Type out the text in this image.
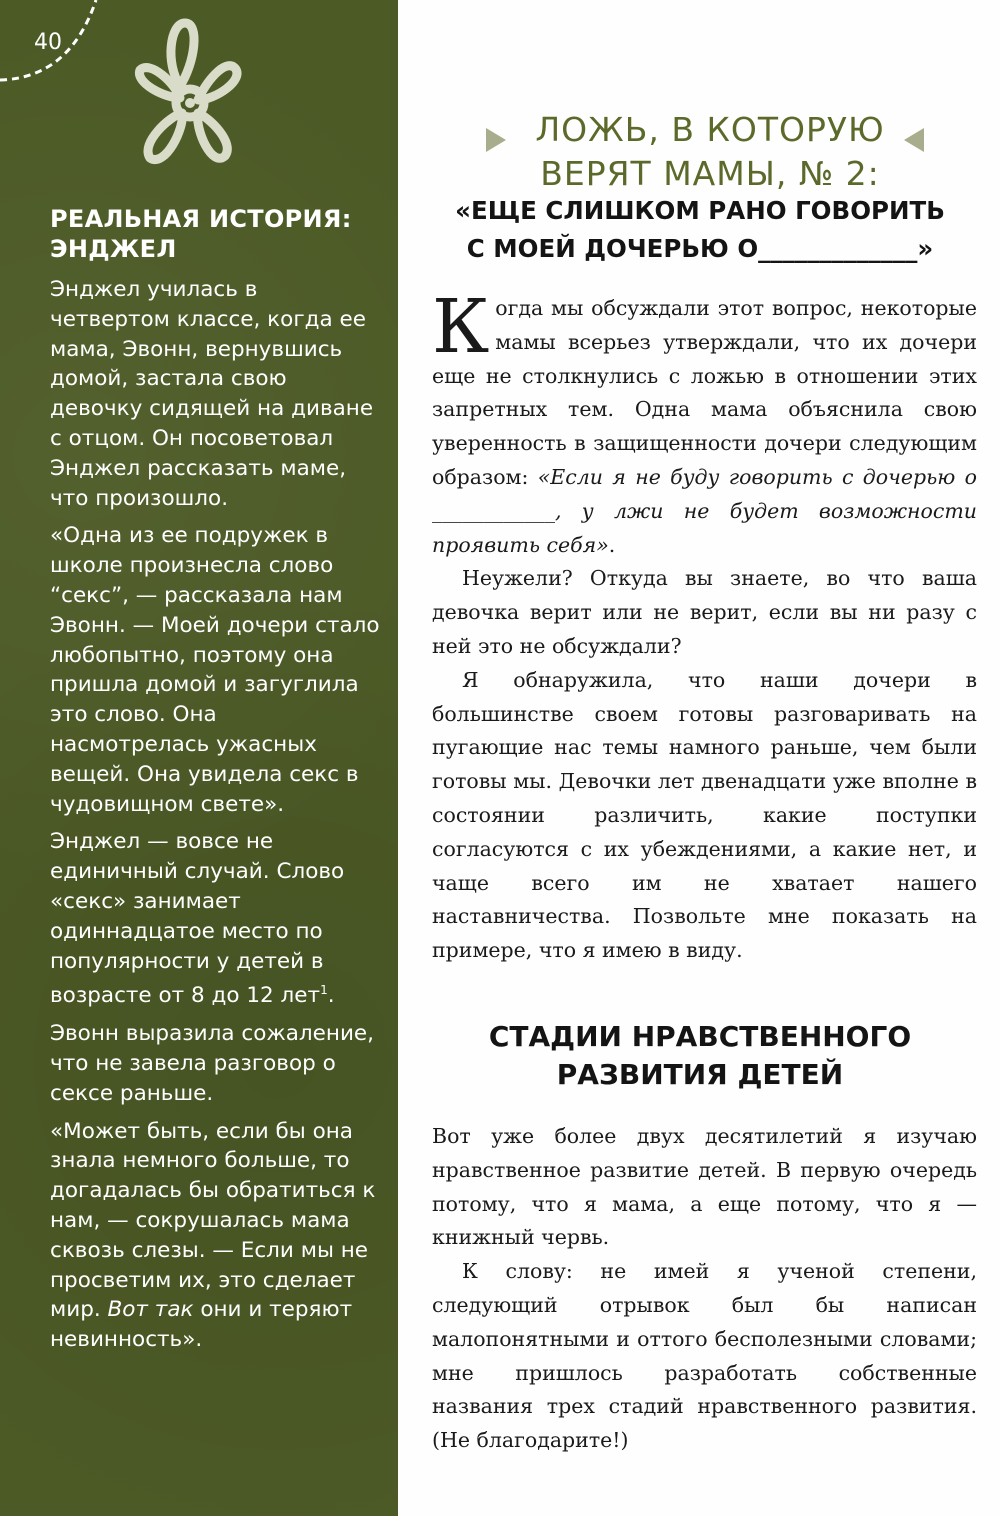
40
РЕАЛЬНАЯ ИСТОРИЯ: ЭНДЖЕЛ

Энджел училась в четвертом классе, когда ее мама, Эвонн, вернувшись домой, застала свою девочку сидящей на диване с отцом. Он посоветовал Энджел рассказать маме, что произошло.

«Одна из ее подружек в школе произнесла слово “секс”, — рассказала нам Эвонн. — Моей дочери стало любопытно, поэтому она пришла домой и загуглила это слово. Она насмотрелась ужасных вещей. Она увидела секс в чудовищном свете».

Энджел — вовсе не единичный случай. Слово «секс» занимает одиннадцатое место по популярности у детей в возрасте от 8 до 12 лет$^1$.

Эвонн выразила сожаление, что не завела разговор о сексе раньше.

«Может быть, если бы она знала немного больше, то догадалась бы обратиться к нам, — сокрушалась мама сквозь слезы. — Если мы не просветим их, это сделает мир. Вот так они и теряют невинность».

ЛОЖЬ, В КОТОРУЮ
ВЕРЯТ МАМЫ, № 2:
«ЕЩЕ СЛИШКОМ РАНО ГОВОРИТЬ
С МОЕЙ ДОЧЕРЬЮ О_____________»

Когда мы обсуждали этот вопрос, некоторые мамы всерьез утверждали, что их дочери еще не столкнулись с ложью в отношении этих запретных тем. Одна мама объяснила свою уверенность в защищенности дочери следующим образом: «Если я не буду говорить с дочерью о ____________, у лжи не будет возможности проявить себя».

Неужели? Откуда вы знаете, во что ваша девочка верит или не верит, если вы ни разу с ней это не обсуждали?

Я обнаружила, что наши дочери в большинстве своем готовы разговаривать на пугающие нас темы намного раньше, чем были готовы мы. Девочки лет двенадцати уже вполне в состоянии различить, какие поступки согласуются с их убеждениями, а какие нет, и чаще всего им не хватает нашего наставничества. Позвольте мне показать на примере, что я имею в виду.

СТАДИИ НРАВСТВЕННОГО
РАЗВИТИЯ ДЕТЕЙ

Вот уже более двух десятилетий я изучаю нравственное развитие детей. В первую очередь потому, что я мама, а еще потому, что я — книжный червь.

К слову: не имей я ученой степени, следующий отрывок был бы написан малопонятными и оттого бесполезными словами; мне пришлось разработать собственные названия трех стадий нравственного развития. (Не благодарите!)
